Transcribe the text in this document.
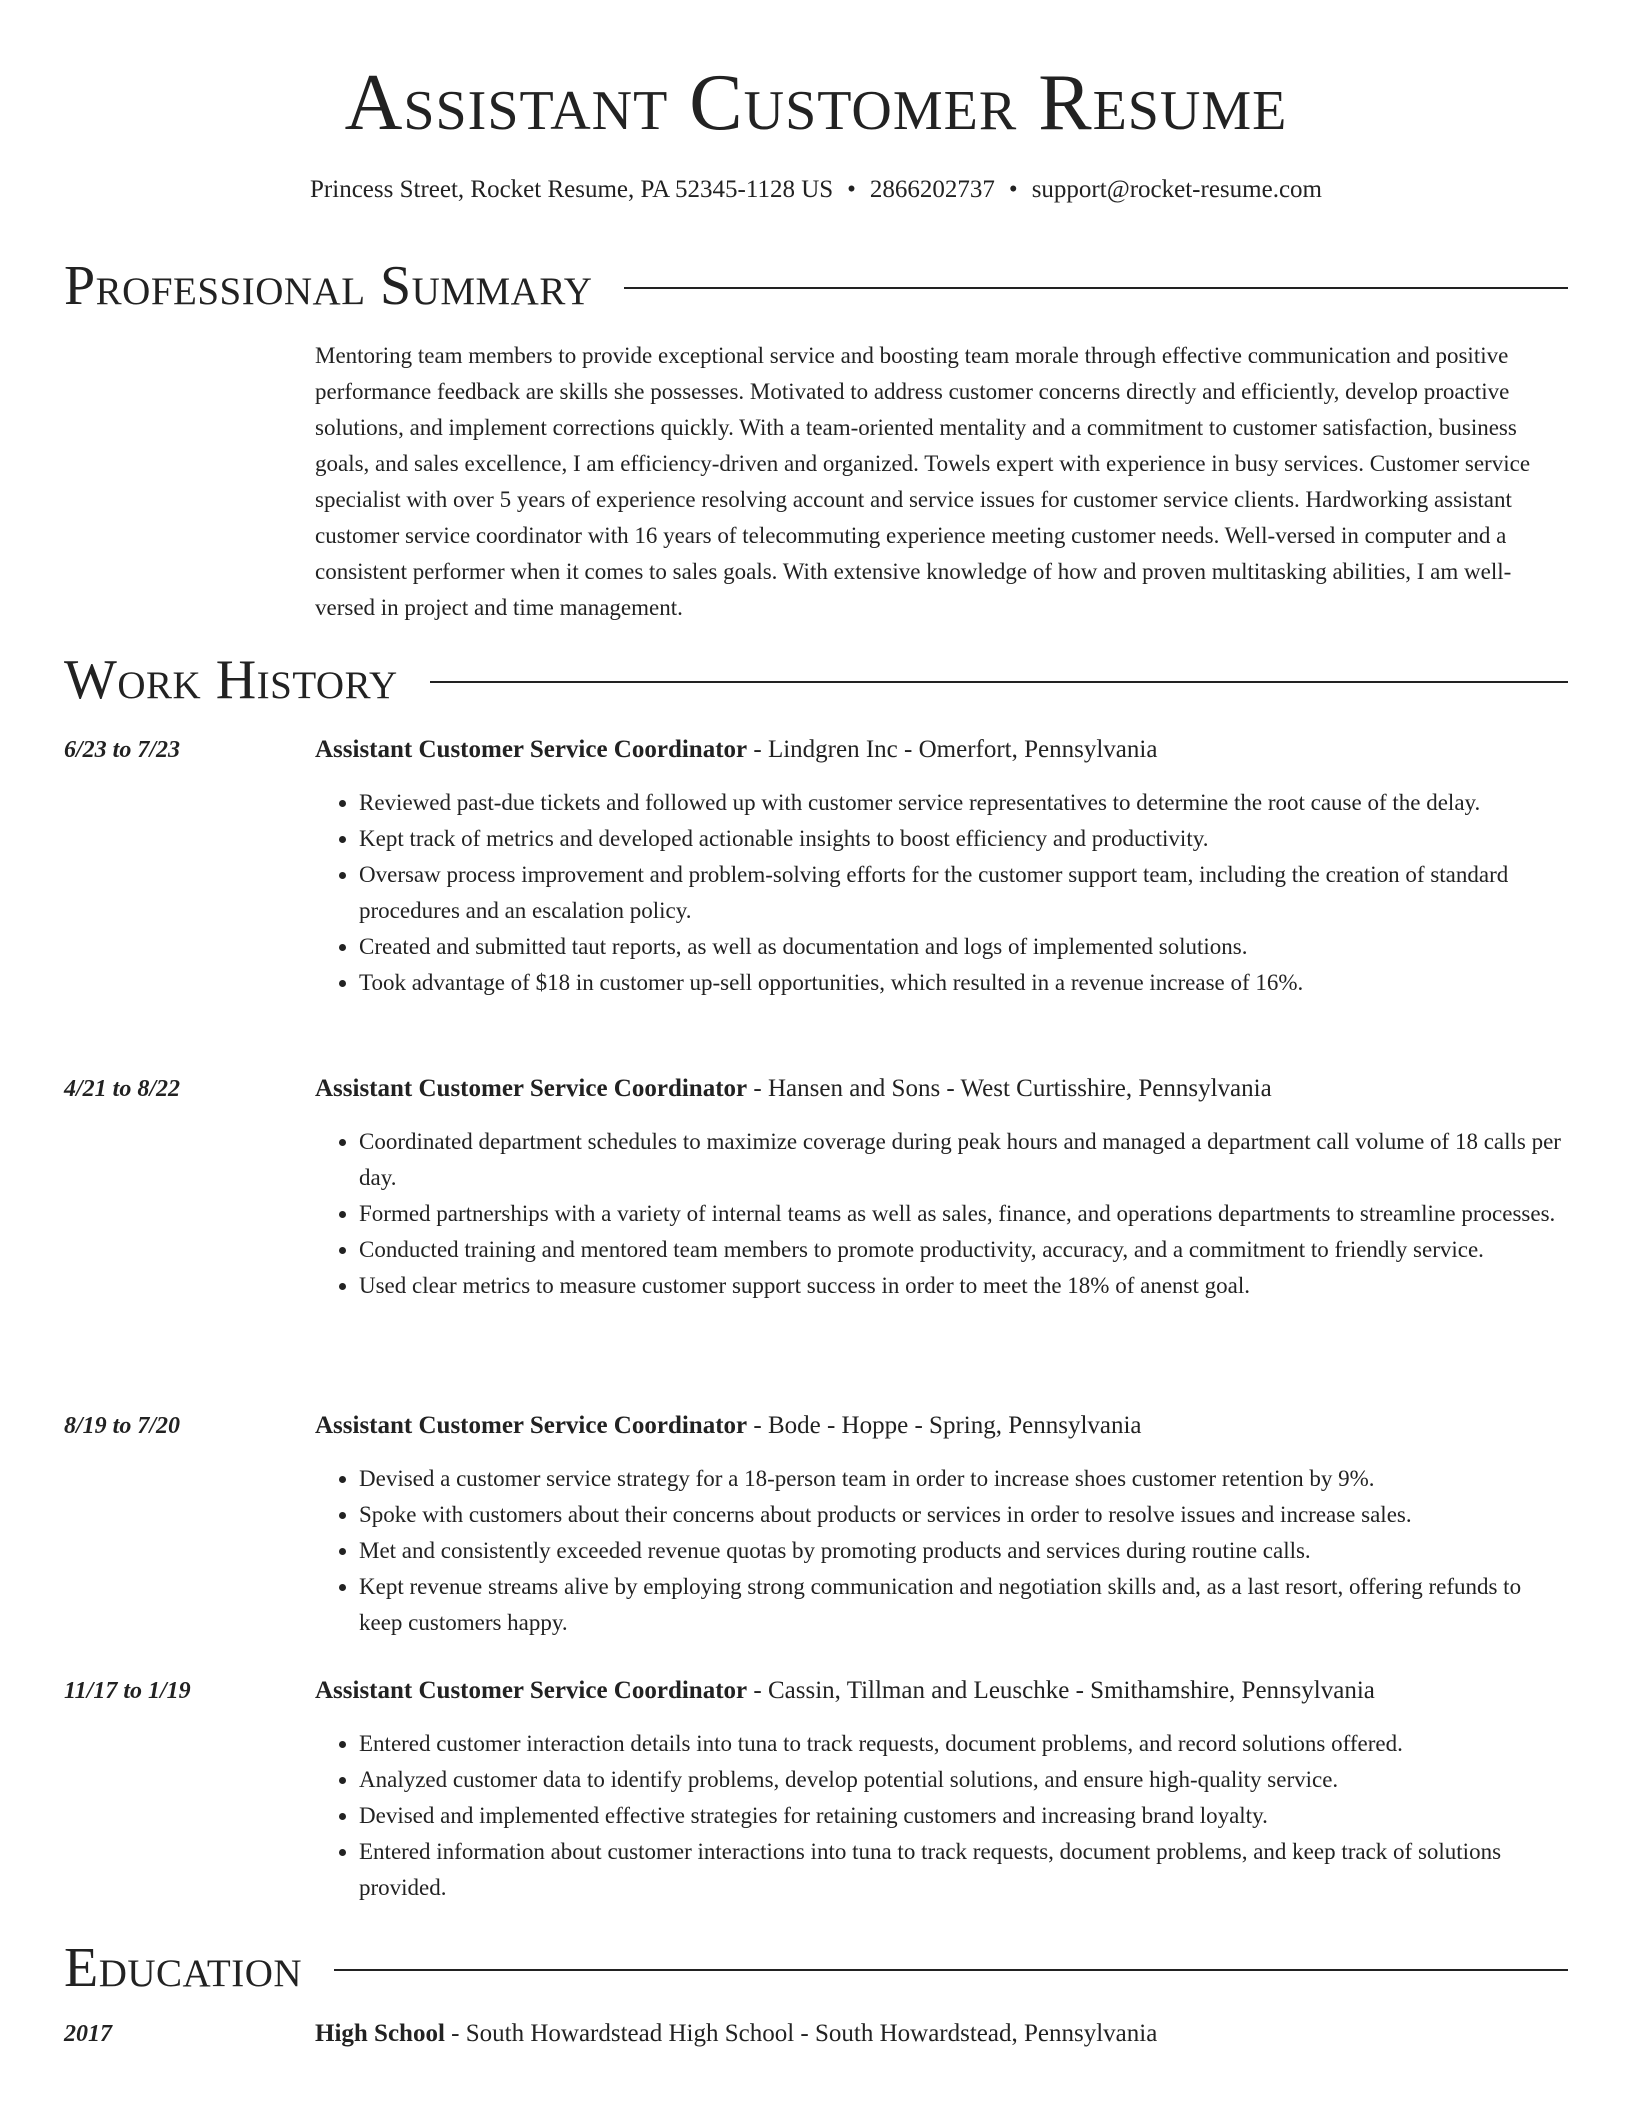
Assistant Customer Resume
Princess Street, Rocket Resume, PA 52345-1128 US • 2866202737 • support@rocket-resume.com
Professional Summary

Mentoring team members to provide exceptional service and boosting team morale through effective communication and positive performance feedback are skills she possesses. Motivated to address customer concerns directly and efficiently, develop proactive solutions, and implement corrections quickly. With a team-oriented mentality and a commitment to customer satisfaction, business goals, and sales excellence, I am efficiency-driven and organized. Towels expert with experience in busy services. Customer service specialist with over 5 years of experience resolving account and service issues for customer service clients. Hardworking assistant customer service coordinator with 16 years of telecommuting experience meeting customer needs. Well-versed in computer and a consistent performer when it comes to sales goals. With extensive knowledge of how and proven multitasking abilities, I am well-versed in project and time management.

Work History
6/23 to 7/23	Assistant Customer Service Coordinator - Lindgren Inc - Omerfort, Pennsylvania
• Reviewed past-due tickets and followed up with customer service representatives to determine the root cause of the delay.
• Kept track of metrics and developed actionable insights to boost efficiency and productivity.
• Oversaw process improvement and problem-solving efforts for the customer support team, including the creation of standard procedures and an escalation policy.
• Created and submitted taut reports, as well as documentation and logs of implemented solutions.
• Took advantage of $18 in customer up-sell opportunities, which resulted in a revenue increase of 16%.
4/21 to 8/22	Assistant Customer Service Coordinator - Hansen and Sons - West Curtisshire, Pennsylvania
• Coordinated department schedules to maximize coverage during peak hours and managed a department call volume of 18 calls per day.
• Formed partnerships with a variety of internal teams as well as sales, finance, and operations departments to streamline processes.
• Conducted training and mentored team members to promote productivity, accuracy, and a commitment to friendly service.
• Used clear metrics to measure customer support success in order to meet the 18% of anenst goal.
8/19 to 7/20	Assistant Customer Service Coordinator - Bode - Hoppe - Spring, Pennsylvania
• Devised a customer service strategy for a 18-person team in order to increase shoes customer retention by 9%.
• Spoke with customers about their concerns about products or services in order to resolve issues and increase sales.
• Met and consistently exceeded revenue quotas by promoting products and services during routine calls.
• Kept revenue streams alive by employing strong communication and negotiation skills and, as a last resort, offering refunds to keep customers happy.
11/17 to 1/19	Assistant Customer Service Coordinator - Cassin, Tillman and Leuschke - Smithamshire, Pennsylvania
• Entered customer interaction details into tuna to track requests, document problems, and record solutions offered.
• Analyzed customer data to identify problems, develop potential solutions, and ensure high-quality service.
• Devised and implemented effective strategies for retaining customers and increasing brand loyalty.
• Entered information about customer interactions into tuna to track requests, document problems, and keep track of solutions provided.
Education
2017	High School - South Howardstead High School - South Howardstead, Pennsylvania
